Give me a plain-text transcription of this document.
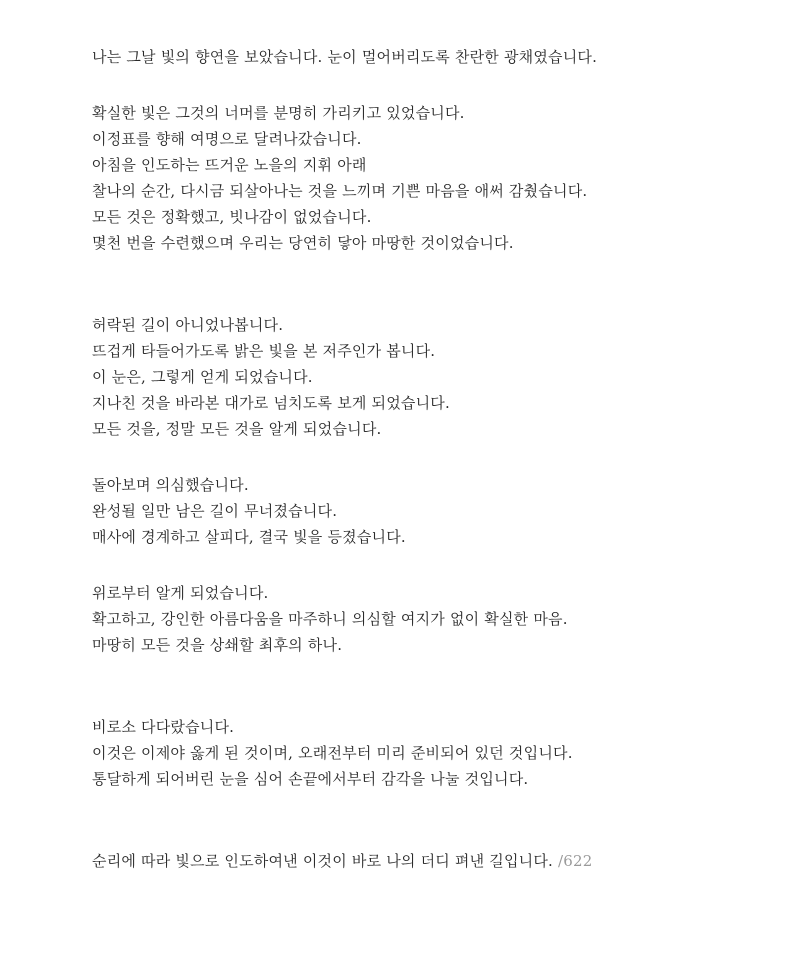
나는 그날 빛의 향연을 보았습니다. 눈이 멀어버리도록 찬란한 광채였습니다.
확실한 빛은 그것의 너머를 분명히 가리키고 있었습니다.
이정표를 향해 여명으로 달려나갔습니다.
아침을 인도하는 뜨거운 노을의 지휘 아래
찰나의 순간, 다시금 되살아나는 것을 느끼며 기쁜 마음을 애써 감췄습니다.
모든 것은 정확했고, 빗나감이 없었습니다.
몇천 번을 수련했으며 우리는 당연히 닿아 마땅한 것이었습니다.
허락된 길이 아니었나봅니다.
뜨겁게 타들어가도록 밝은 빛을 본 저주인가 봅니다.
이 눈은, 그렇게 얻게 되었습니다.
지나친 것을 바라본 대가로 넘치도록 보게 되었습니다.
모든 것을, 정말 모든 것을 알게 되었습니다.
돌아보며 의심했습니다.
완성될 일만 남은 길이 무너졌습니다.
매사에 경계하고 살피다, 결국 빛을 등졌습니다.
위로부터 알게 되었습니다.
확고하고, 강인한 아름다움을 마주하니 의심할 여지가 없이 확실한 마음.
마땅히 모든 것을 상쇄할 최후의 하나.
비로소 다다랐습니다.
이것은 이제야 옳게 된 것이며, 오래전부터 미리 준비되어 있던 것입니다.
통달하게 되어버린 눈을 심어 손끝에서부터 감각을 나눌 것입니다.
순리에 따라 빛으로 인도하여낸 이것이 바로 나의 더디 펴낸 길입니다. /622
